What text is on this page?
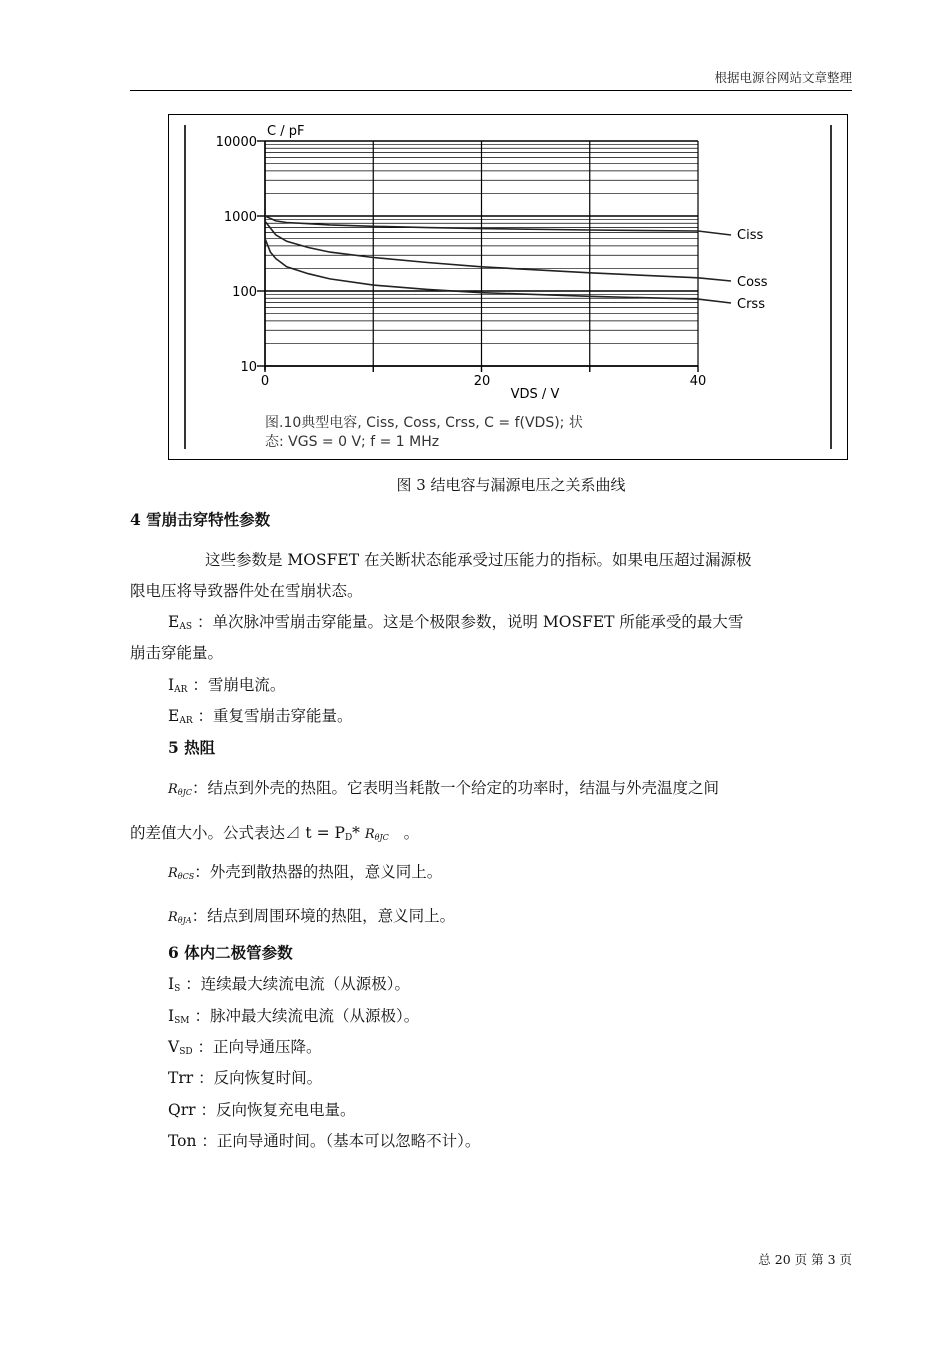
根据电源谷网站文章整理
C / pF
10000
1000
100
10
0	20	40
VDS / V
Ciss
Coss
Crss
图.10典型电容, Ciss, Coss, Crss, C = f(VDS); 状
态: VGS = 0 V; f = 1 MHz
图 3 结电容与漏源电压之关系曲线
4 雪崩击穿特性参数
这些参数是 MOSFET 在关断状态能承受过压能力的指标。如果电压超过漏源极
限电压将导致器件处在雪崩状态。
$E_{AS}$ ：单次脉冲雪崩击穿能量。这是个极限参数，说明 MOSFET 所能承受的最大雪
崩击穿能量。
$I_{AR}$ ：雪崩电流。
$E_{AR}$ ：重复雪崩击穿能量。
5 热阻
$R_{\theta JC}$：结点到外壳的热阻。它表明当耗散一个给定的功率时，结温与外壳温度之间
的差值大小。公式表达⊿ $t = P_D*$ $R_{\theta JC}$ 。
$R_{\theta CS}$：外壳到散热器的热阻，意义同上。
$R_{\theta JA}$：结点到周围环境的热阻，意义同上。
6 体内二极管参数
$I_S$ ：连续最大续流电流（从源极）。
$I_{SM}$ ：脉冲最大续流电流（从源极）。
$V_{SD}$ ：正向导通压降。
Trr ：反向恢复时间。
Qrr ：反向恢复充电电量。
Ton ：正向导通时间。（基本可以忽略不计）。
总 20 页 第 3 页
